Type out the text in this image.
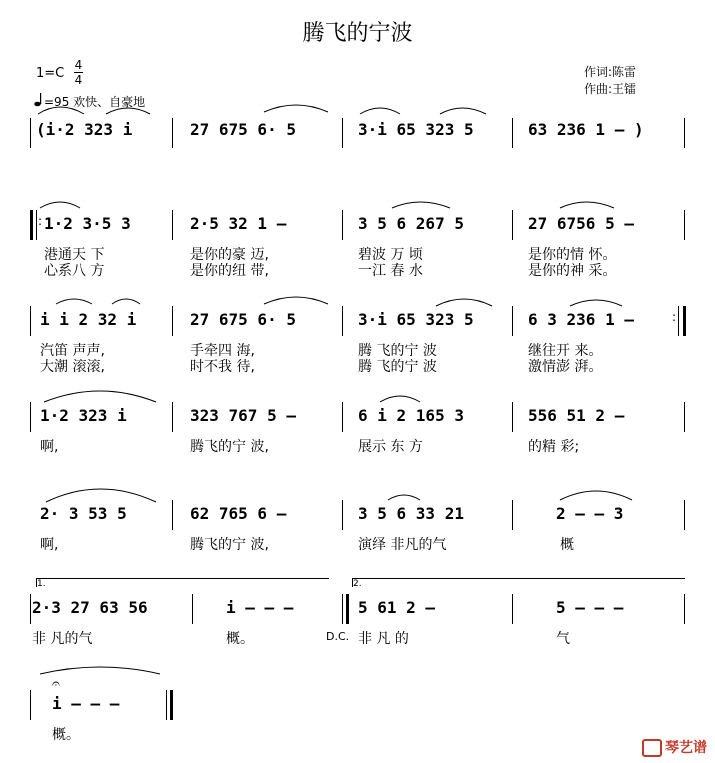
腾飞的宁波
1=C
4
4
=95 欢快、自豪地
作词:陈雷
作曲:王镭
(i·2 323 i	27 675 6· 5	3·i 65 323 5	63 236 1 – )
: 1·2 3·5 3	2·5 32 1 –	3 5 6 267 5	27 6756 5 –
港通天 下	是你的豪 迈,	碧波 万 顷	是你的情 怀。
心系八 方	是你的纽 带,	一江 春 水	是你的神 采。
i i 2 32 i	27 675 6· 5	3·i 65 323 5	6 3 236 1 –	:
汽笛 声声,	手牵四 海,	腾 飞的宁 波	继往开 来。
大潮 滚滚,	时不我 待,	腾 飞的宁 波	激情澎 湃。
1·2 323 i	323 767 5 –	6 i 2 165 3	556 51 2 –
啊,	腾飞的宁 波,	展示 东 方	的精 彩;
2· 3 53 5	62 765 6 –	3 5 6 33 21	2 – – 3
啊,	腾飞的宁 波,	演绎 非凡的气	概
1.	2.
2·3 27 63 56	i – – –	5 61 2 –	5 – – –
非 凡的气	概。	D.C. 非 凡 的	气
𝄐
i – – –
概。
琴艺谱
